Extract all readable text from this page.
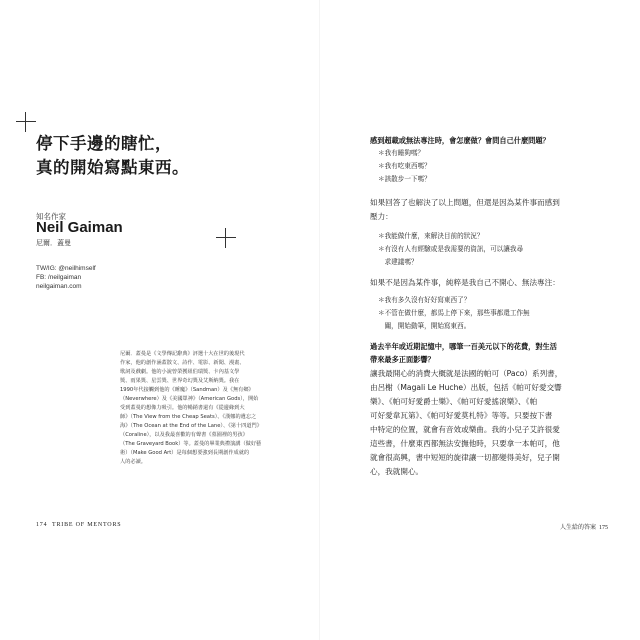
停下手邊的瞎忙，
真的開始寫點東西。
知名作家
Neil Gaiman
尼爾．蓋曼
TW/IG: @neilhimself
FB: /neilgaiman
neilgaiman.com
尼爾．蓋曼是《文學傳記辭典》評選十大在世的後現代
作家，他的創作涵蓋散文、詩作、電影、新聞、漫畫、
歌詞及戲劇。他的小說曾榮獲紐伯瑞獎、卡內基文學
獎、雨果獎、星雲獎、世界奇幻獎及艾斯納獎。我在
1990年代接觸到他的《睡魔》（Sandman）及《無有鄉》
（Neverwhere）及《美國眾神》（American Gods），開始
受到蓋曼的想像力吸引。他的暢銷書還有《從邊緣到大
師》（The View from the Cheap Seats）、《漢娜的遺忘之
海》（The Ocean at the End of the Lane）、《第十四道門》
（Coraline），以及我最喜歡的有聲書《墓園裡的男孩》
（The Graveyard Book）等。蓋曼的畢業典禮演講（做好藝
術）（Make Good Art）是每個想要強到長期創作成就的
人的必讀。
174 TRIBE OF MENTORS
感到超載或無法專注時，會怎麼做？會問自己什麼問題？
＊我有睡夠嗎？
＊我有吃東西嗎？
＊該散步一下嗎？
如果回答了也解決了以上問題，但還是因為某件事而感到
壓力：
＊我能做什麼，來解決目前的狀況？
＊有沒有人有經驗或是我需要的資訊，可以讓我尋
　求建議嗎？
如果不是因為某件事，純粹是我自己不開心、無法專注：
＊我有多久沒有好好寫東西了？
＊不管在做什麼，都馬上停下來，那些事都還工作無
　關，開始動筆，開始寫東西。
過去半年或近期記憶中，哪筆一百美元以下的花費，對生活
帶來最多正面影響？
讓我最開心的消費大概就是法國的帕可（Paco）系列書，
由呂榭（Magali Le Huche）出版，包括《帕可好愛交響
樂》、《帕可好愛爵士樂》、《帕可好愛搖滾樂》、《帕
可好愛韋瓦第》、《帕可好愛莫札特》等等。只要按下書
中特定的位置，就會有音效或樂曲。我的小兒子艾許很愛
這些書，什麼東西都無法安撫他時，只要拿一本帕可，他
就會很高興，書中短短的旋律讓一切都變得美好，兒子開
心，我就開心。
人生給的答案 175
